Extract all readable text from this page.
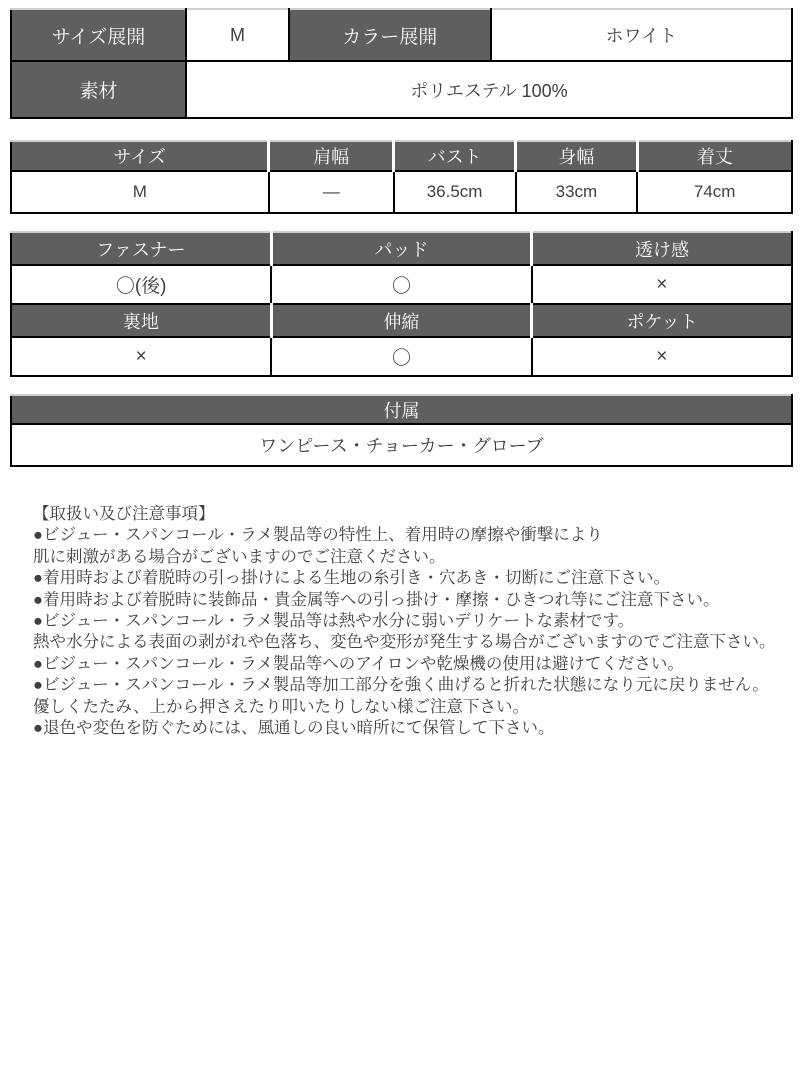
サイズ展開	M	カラー展開	ホワイト
素材	ポリエステル 100%		
サイズ	肩幅	バスト	身幅	着丈
M	―	36.5cm	33cm	74cm
ファスナー	パッド	透け感
〇(後)	〇	×
裏地	伸縮	ポケット
×	〇	×
付属
ワンピース・チョーカー・グローブ
【取扱い及び注意事項】
●ビジュー・スパンコール・ラメ製品等の特性上、着用時の摩擦や衝撃により
肌に刺激がある場合がございますのでご注意ください。
●着用時および着脱時の引っ掛けによる生地の糸引き・穴あき・切断にご注意下さい。
●着用時および着脱時に装飾品・貴金属等への引っ掛け・摩擦・ひきつれ等にご注意下さい。
●ビジュー・スパンコール・ラメ製品等は熱や水分に弱いデリケートな素材です。
熱や水分による表面の剥がれや色落ち、変色や変形が発生する場合がございますのでご注意下さい。
●ビジュー・スパンコール・ラメ製品等へのアイロンや乾燥機の使用は避けてください。
●ビジュー・スパンコール・ラメ製品等加工部分を強く曲げると折れた状態になり元に戻りません。
優しくたたみ、上から押さえたり叩いたりしない様ご注意下さい。
●退色や変色を防ぐためには、風通しの良い暗所にて保管して下さい。
